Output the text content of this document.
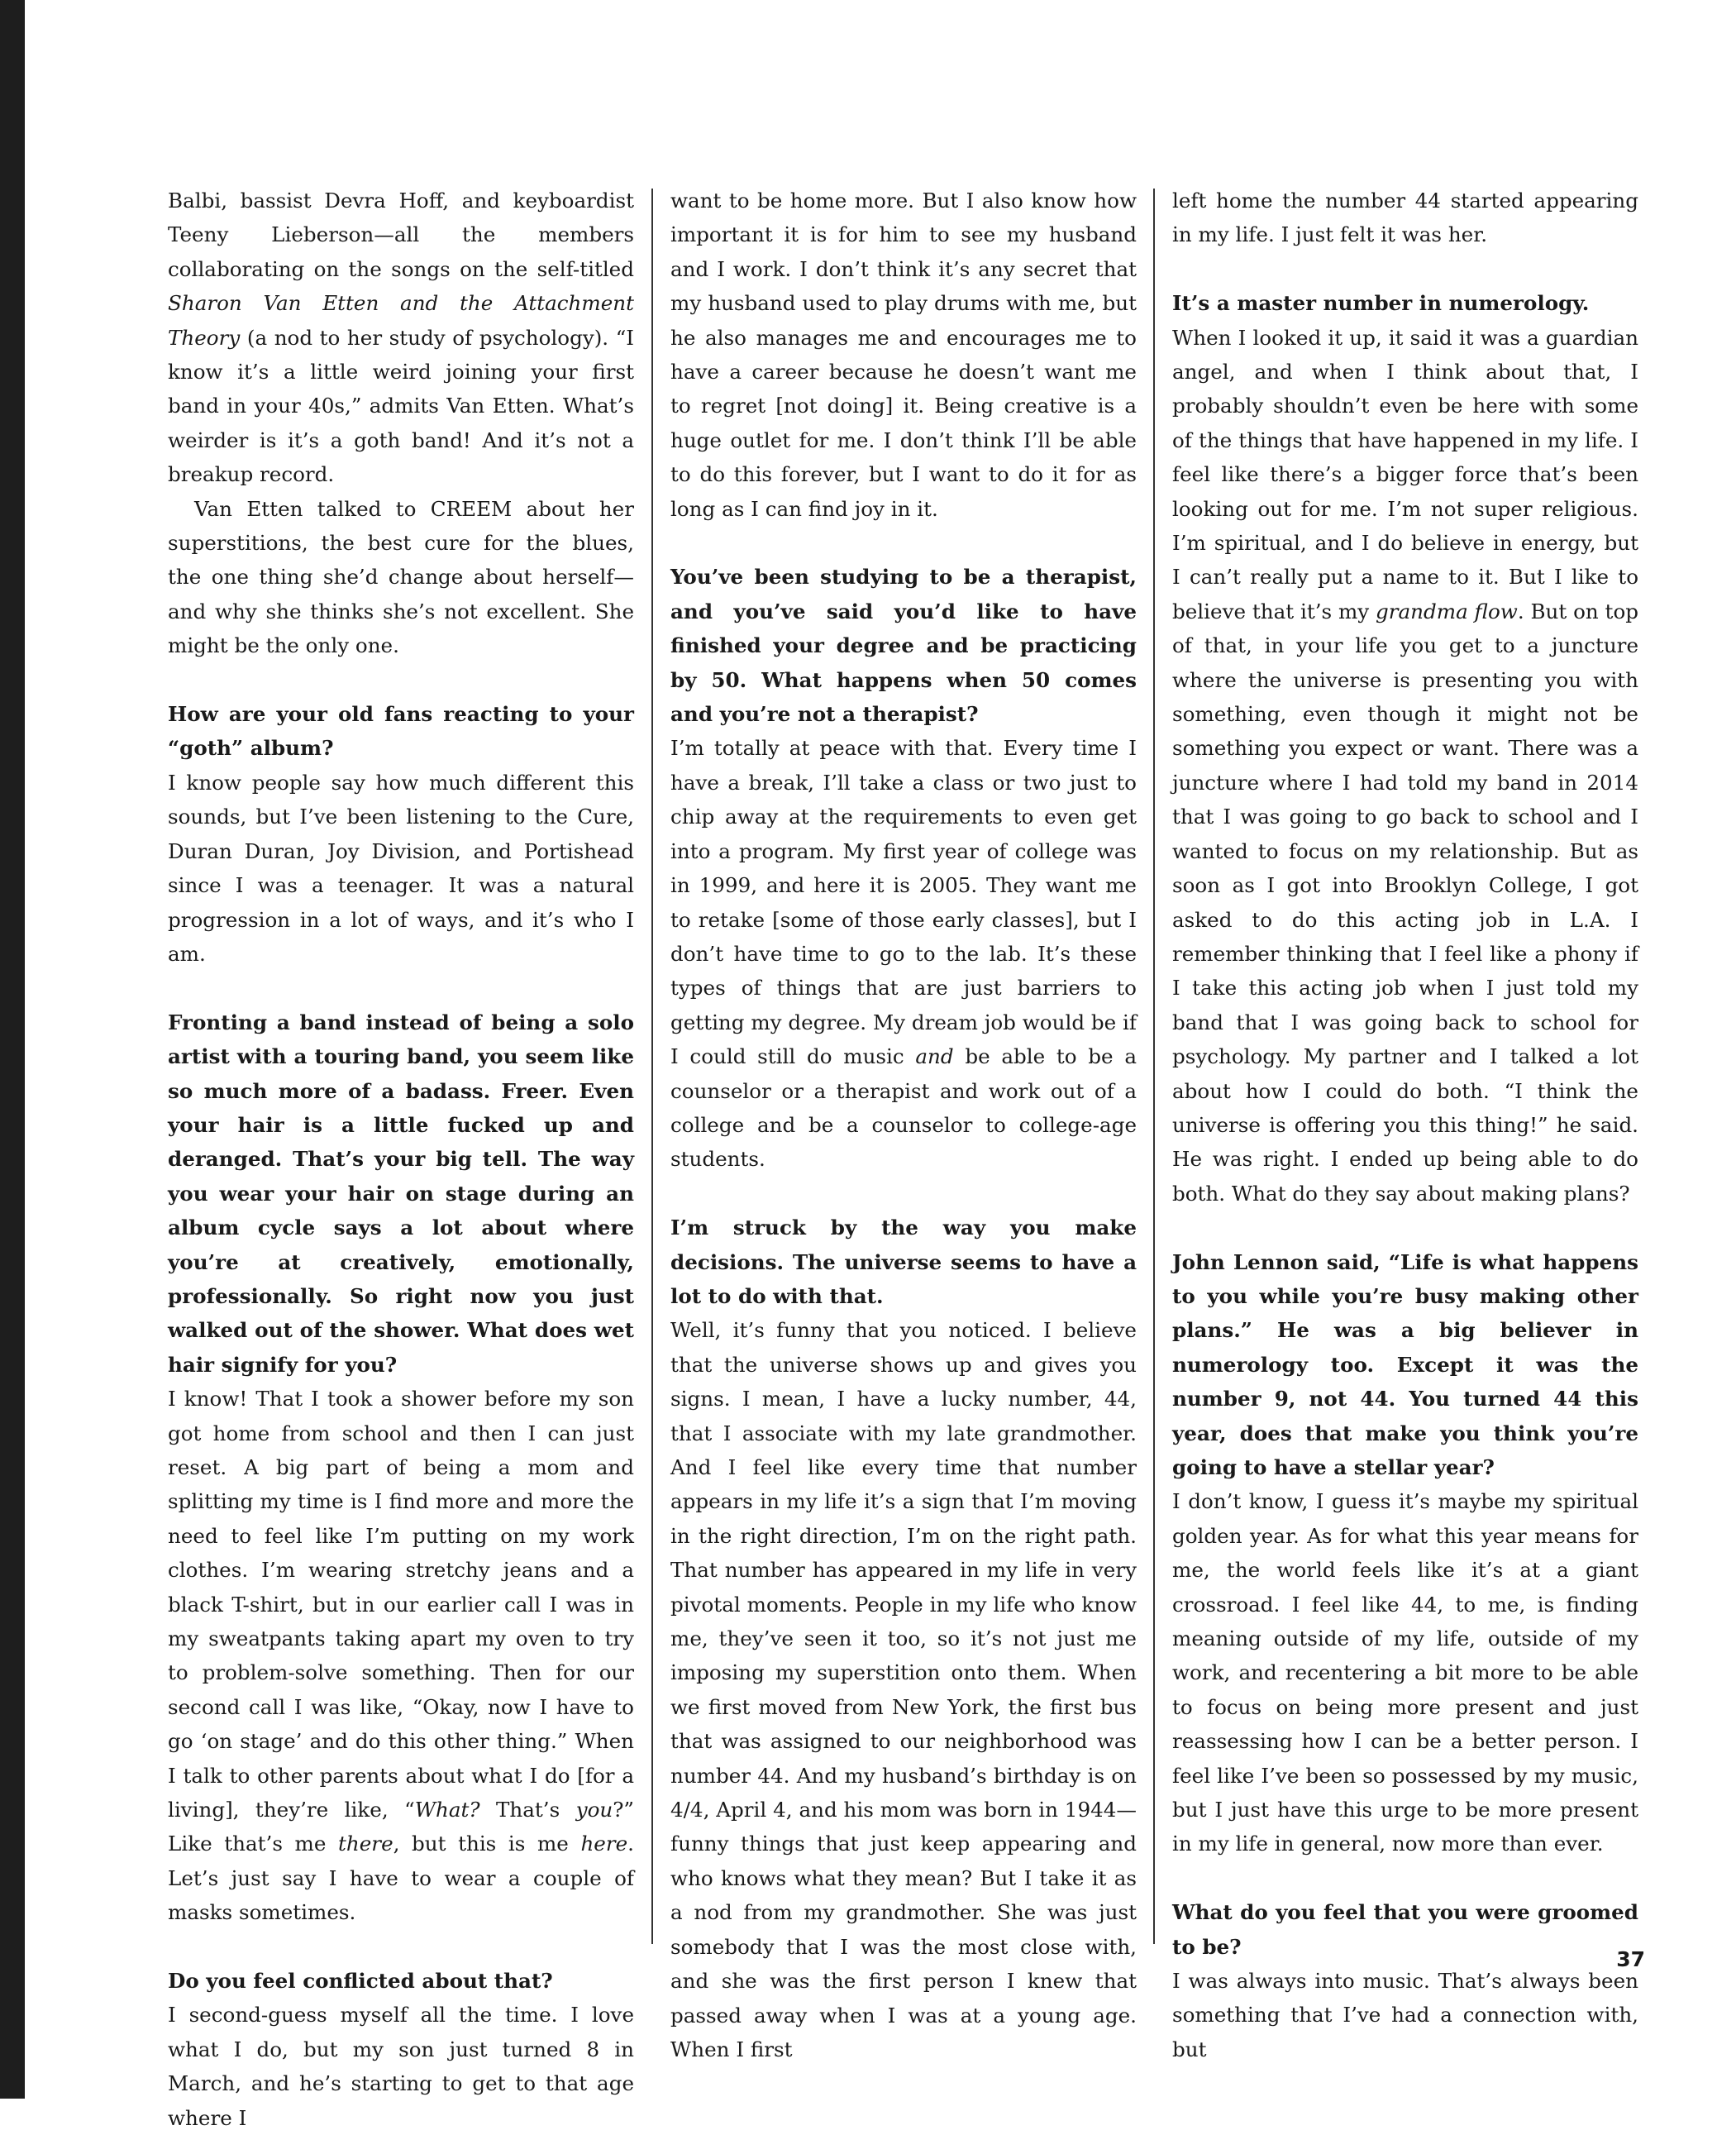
Balbi, bassist Devra Hoff, and keyboardist Teeny Lieberson—all the members collaborating on the songs on the self-titled Sharon Van Etten and the Attachment Theory (a nod to her study of psychology). “I know it’s a little weird joining your first band in your 40s,” admits Van Etten. What’s weirder is it’s a goth band! And it’s not a breakup record.

Van Etten talked to CREEM about her superstitions, the best cure for the blues, the one thing she’d change about herself—and why she thinks she’s not excellent. She might be the only one.

How are your old fans reacting to your “goth” album?

I know people say how much different this sounds, but I’ve been listening to the Cure, Duran Duran, Joy Division, and Portishead since I was a teenager. It was a natural progression in a lot of ways, and it’s who I am.

Fronting a band instead of being a solo artist with a touring band, you seem like so much more of a badass. Freer. Even your hair is a little fucked up and deranged. That’s your big tell. The way you wear your hair on stage during an album cycle says a lot about where you’re at creatively, emotionally, professionally. So right now you just walked out of the shower. What does wet hair signify for you?

I know! That I took a shower before my son got home from school and then I can just reset. A big part of being a mom and splitting my time is I find more and more the need to feel like I’m putting on my work clothes. I’m wearing stretchy jeans and a black T-shirt, but in our earlier call I was in my sweatpants taking apart my oven to try to problem-solve something. Then for our second call I was like, “Okay, now I have to go ‘on stage’ and do this other thing.” When I talk to other parents about what I do [for a living], they’re like, “What? That’s you?” Like that’s me there, but this is me here. Let’s just say I have to wear a couple of masks sometimes.

Do you feel conflicted about that?

I second-guess myself all the time. I love what I do, but my son just turned 8 in March, and he’s starting to get to that age where I

want to be home more. But I also know how important it is for him to see my husband and I work. I don’t think it’s any secret that my husband used to play drums with me, but he also manages me and encourages me to have a career because he doesn’t want me to regret [not doing] it. Being creative is a huge outlet for me. I don’t think I’ll be able to do this forever, but I want to do it for as long as I can find joy in it.

You’ve been studying to be a therapist, and you’ve said you’d like to have finished your degree and be practicing by 50. What happens when 50 comes and you’re not a therapist?

I’m totally at peace with that. Every time I have a break, I’ll take a class or two just to chip away at the requirements to even get into a program. My first year of college was in 1999, and here it is 2005. They want me to retake [some of those early classes], but I don’t have time to go to the lab. It’s these types of things that are just barriers to getting my degree. My dream job would be if I could still do music and be able to be a counselor or a therapist and work out of a college and be a counselor to college-age students.

I’m struck by the way you make decisions. The universe seems to have a lot to do with that.

Well, it’s funny that you noticed. I believe that the universe shows up and gives you signs. I mean, I have a lucky number, 44, that I associate with my late grandmother. And I feel like every time that number appears in my life it’s a sign that I’m moving in the right direction, I’m on the right path. That number has appeared in my life in very pivotal moments. People in my life who know me, they’ve seen it too, so it’s not just me imposing my superstition onto them. When we first moved from New York, the first bus that was assigned to our neighborhood was number 44. And my husband’s birthday is on 4/4, April 4, and his mom was born in 1944—funny things that just keep appearing and who knows what they mean? But I take it as a nod from my grandmother. She was just somebody that I was the most close with, and she was the first person I knew that passed away when I was at a young age. When I first

left home the number 44 started appearing in my life. I just felt it was her.

It’s a master number in numerology.

When I looked it up, it said it was a guardian angel, and when I think about that, I probably shouldn’t even be here with some of the things that have happened in my life. I feel like there’s a bigger force that’s been looking out for me. I’m not super religious. I’m spiritual, and I do believe in energy, but I can’t really put a name to it. But I like to believe that it’s my grandma flow. But on top of that, in your life you get to a juncture where the universe is presenting you with something, even though it might not be something you expect or want. There was a juncture where I had told my band in 2014 that I was going to go back to school and I wanted to focus on my relationship. But as soon as I got into Brooklyn College, I got asked to do this acting job in L.A. I remember thinking that I feel like a phony if I take this acting job when I just told my band that I was going back to school for psychology. My partner and I talked a lot about how I could do both. “I think the universe is offering you this thing!” he said. He was right. I ended up being able to do both. What do they say about making plans?

John Lennon said, “Life is what happens to you while you’re busy making other plans.” He was a big believer in numerology too. Except it was the number 9, not 44. You turned 44 this year, does that make you think you’re going to have a stellar year?

I don’t know, I guess it’s maybe my spiritual golden year. As for what this year means for me, the world feels like it’s at a giant crossroad. I feel like 44, to me, is finding meaning outside of my life, outside of my work, and recentering a bit more to be able to focus on being more present and just reassessing how I can be a better person. I feel like I’ve been so possessed by my music, but I just have this urge to be more present in my life in general, now more than ever.

What do you feel that you were groomed to be?

I was always into music. That’s always been something that I’ve had a connection with, but

37
